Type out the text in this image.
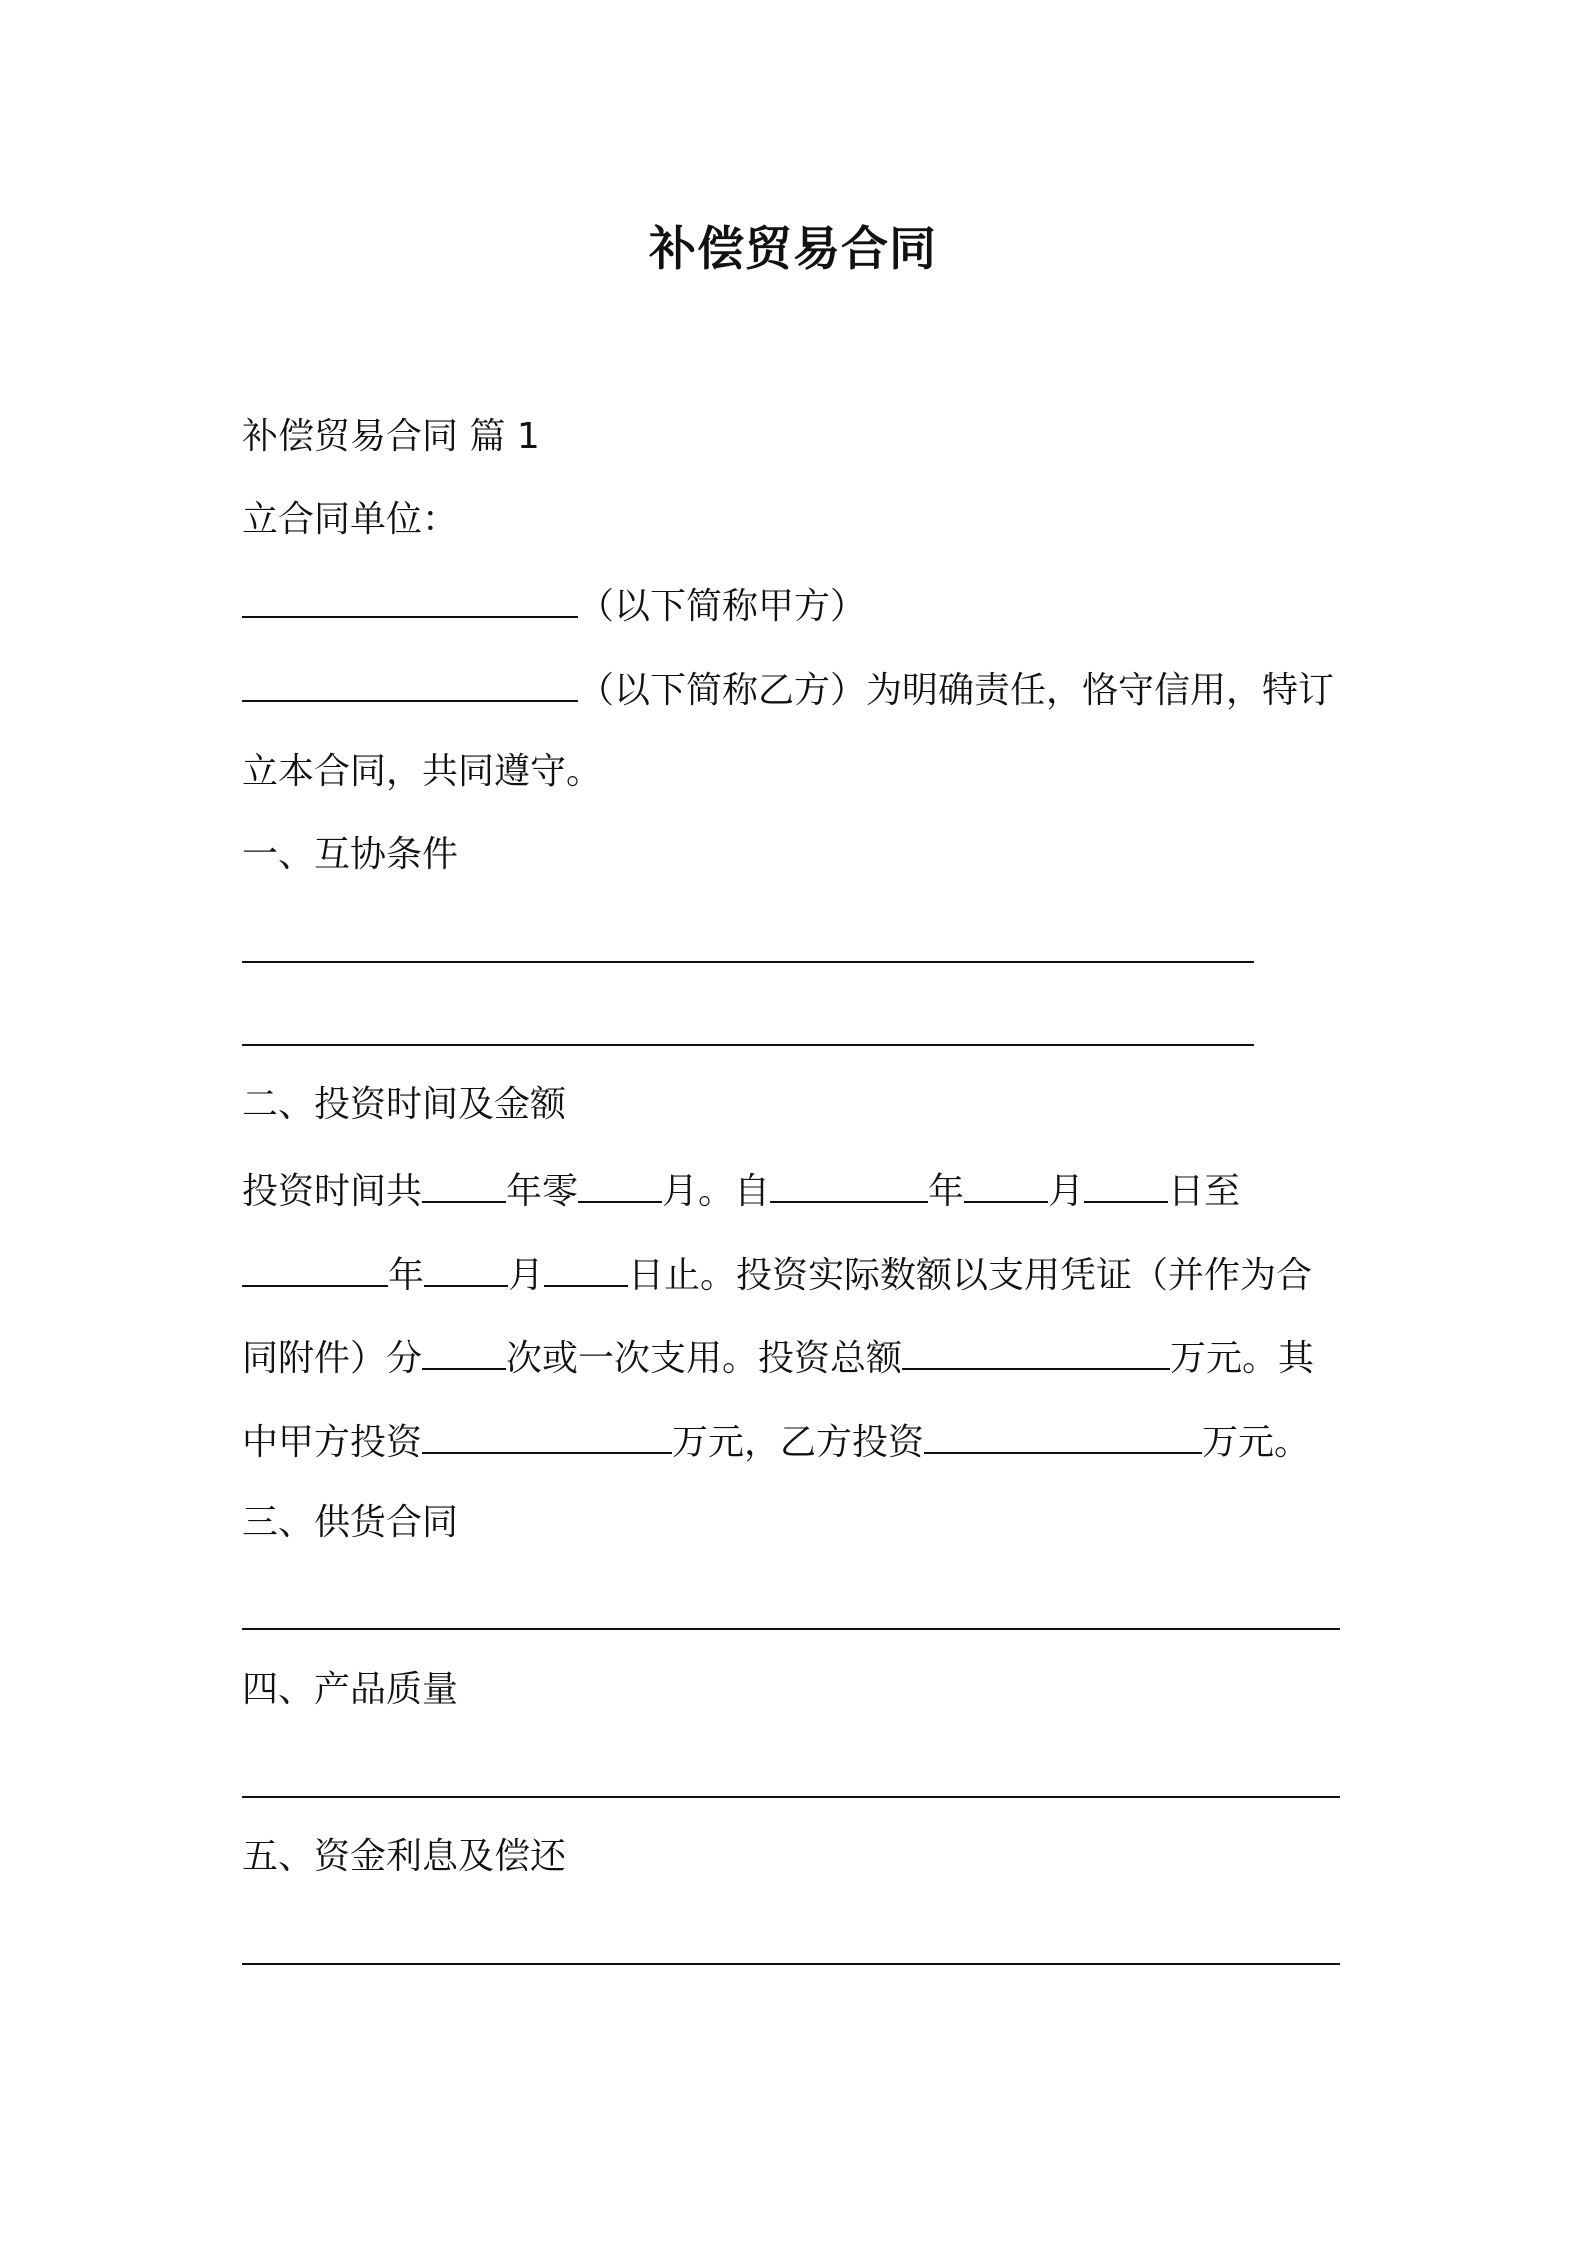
补偿贸易合同
补偿贸易合同 篇 1
立合同单位：
（以下简称甲方）
（以下简称乙方）为明确责任，恪守信用，特订
立本合同，共同遵守。
一、互协条件
二、投资时间及金额
投资时间共 年零 月。自	年 月 日至
年 月 日止。投资实际数额以支用凭证（并作为合
同附件）分 次或一次支用。投资总额	万元。其
中甲方投资	万元，乙方投资	万元。
三、供货合同
四、产品质量
五、资金利息及偿还
